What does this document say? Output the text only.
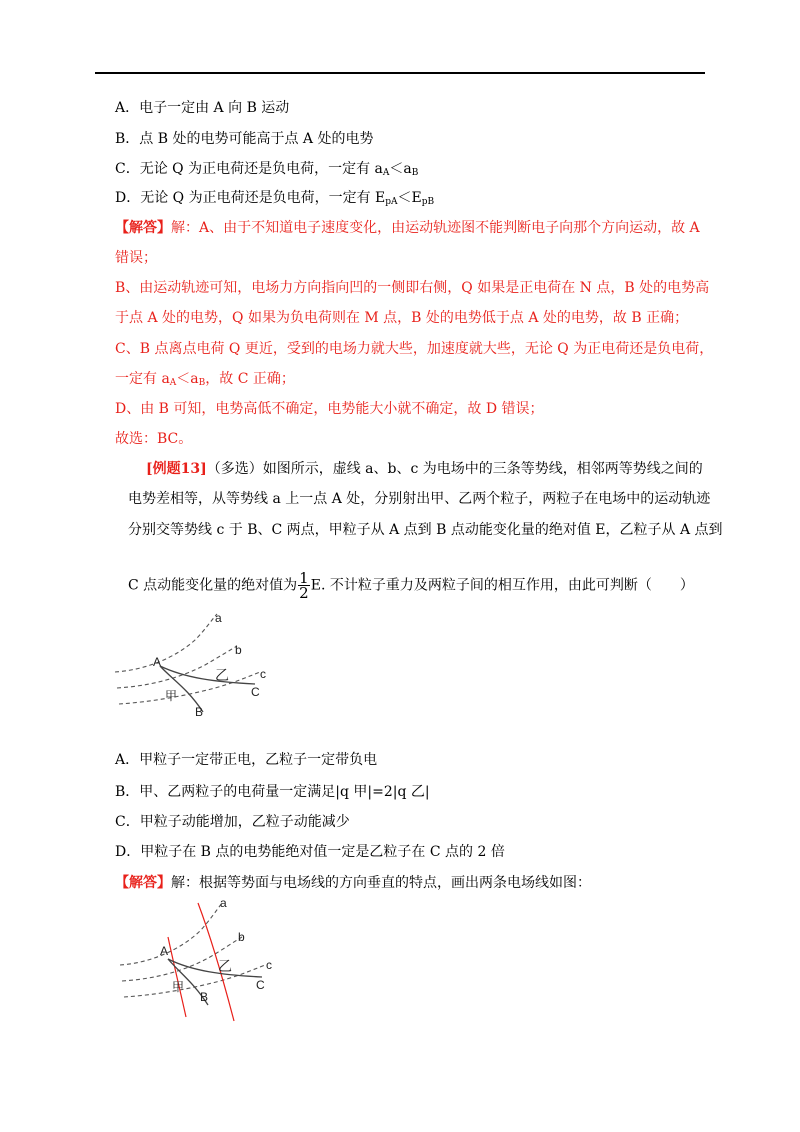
A．电子一定由 A 向 B 运动
B．点 B 处的电势可能高于点 A 处的电势
C．无论 Q 为正电荷还是负电荷，一定有 $a_A<a_B$
D．无论 Q 为正电荷还是负电荷，一定有 $E_{pA}<E_{pB}$
【解答】解：A、由于不知道电子速度变化，由运动轨迹图不能判断电子向那个方向运动，故 A
错误；
B、由运动轨迹可知，电场力方向指向凹的一侧即右侧，Q 如果是正电荷在 N 点，B 处的电势高
于点 A 处的电势，Q 如果为负电荷则在 M 点，B 处的电势低于点 A 处的电势，故 B 正确；
C、B 点离点电荷 Q 更近，受到的电场力就大些，加速度就大些，无论 Q 为正电荷还是负电荷，
一定有 $a_A<a_B$，故 C 正确；
D、由 B 可知，电势高低不确定，电势能大小就不确定，故 D 错误；
故选：BC。
[例题13]（多选）如图所示，虚线 a、b、c 为电场中的三条等势线，相邻两等势线之间的
电势差相等，从等势线 a 上一点 A 处，分别射出甲、乙两个粒子，两粒子在电场中的运动轨迹
分别交等势线 c 于 B、C 两点，甲粒子从 A 点到 B 点动能变化量的绝对值 E，乙粒子从 A 点到
C 点动能变化量的绝对值为 $\frac{1}{2} E$. 不计粒子重力及两粒子间的相互作用，由此可判断（　　）
a
b
c
A
B
C
甲
乙
A．甲粒子一定带正电，乙粒子一定带负电
B．甲、乙两粒子的电荷量一定满足|q 甲|=2|q 乙|
C．甲粒子动能增加，乙粒子动能减少
D．甲粒子在 B 点的电势能绝对值一定是乙粒子在 C 点的 2 倍
【解答】解：根据等势面与电场线的方向垂直的特点，画出两条电场线如图：
a
b
c
A
B
C
甲
乙
